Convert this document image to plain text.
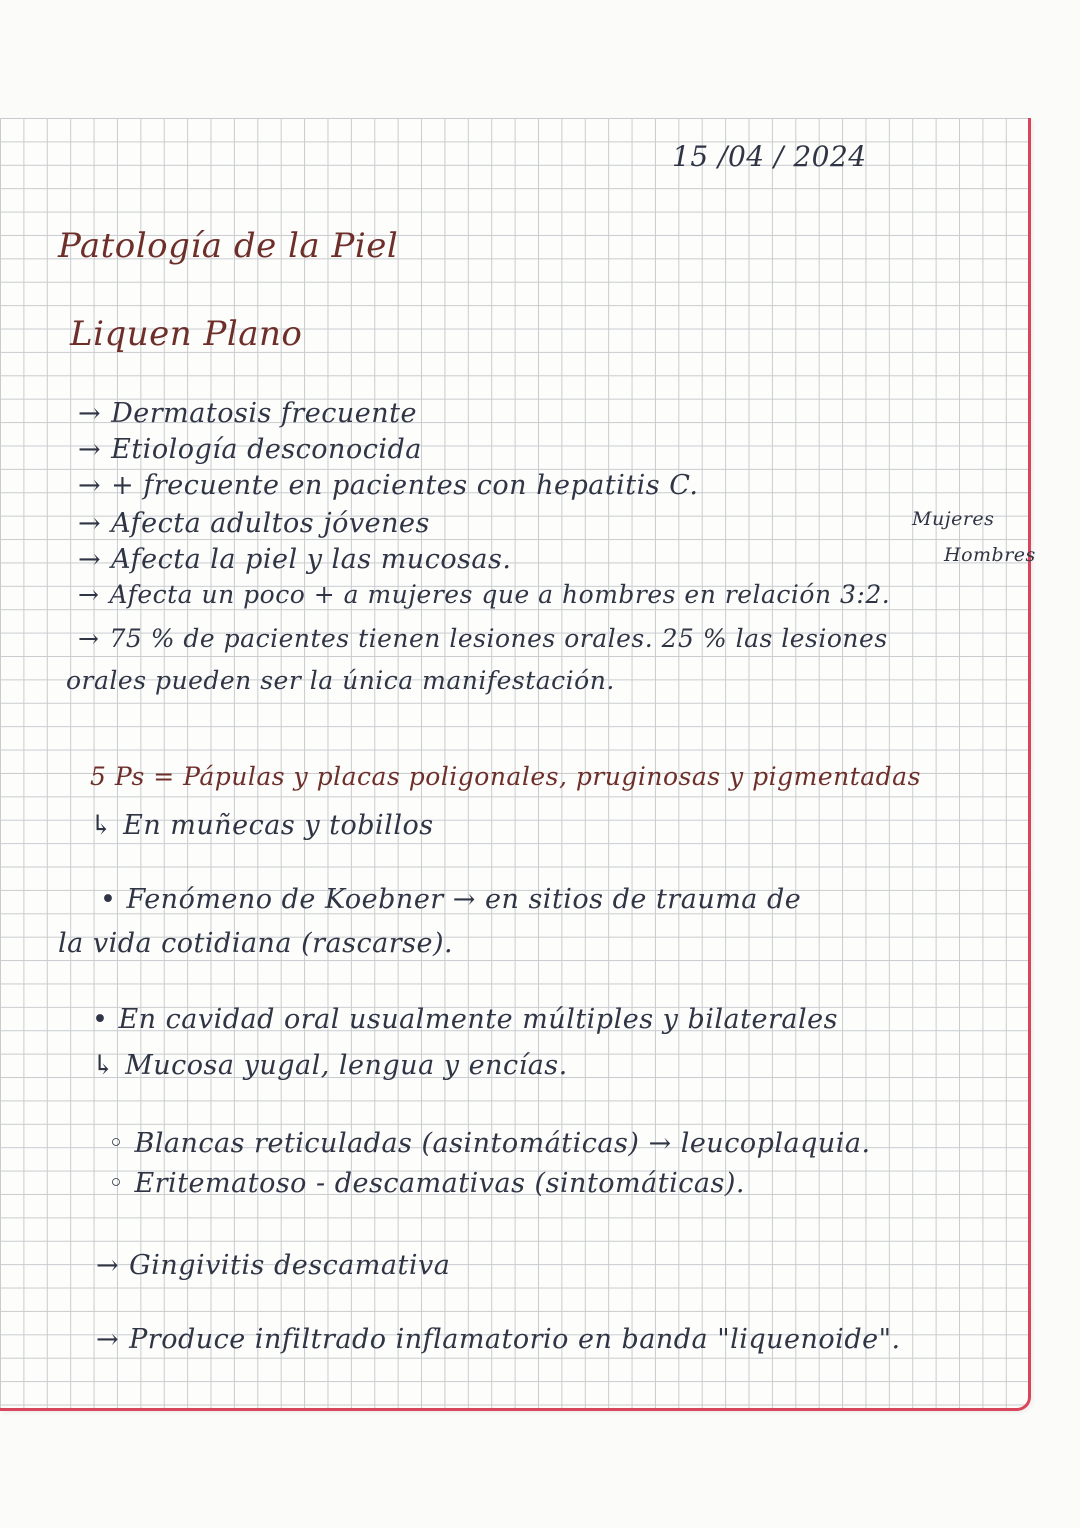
15 /04 / 2024
Patología de la Piel
Liquen Plano
Mujeres
Hombres
→ Dermatosis frecuente
→ Etiología desconocida
→ + frecuente en pacientes con hepatitis C.
→ Afecta adultos jóvenes
→ Afecta la piel y las mucosas.
→ Afecta un poco + a mujeres que a hombres en relación 3:2.
→ 75 % de pacientes tienen lesiones orales. 25 % las lesiones
orales pueden ser la única manifestación.
5 Ps = Pápulas y placas poligonales, pruginosas y pigmentadas
↳ En muñecas y tobillos
• Fenómeno de Koebner → en sitios de trauma de
la vida cotidiana (rascarse).
• En cavidad oral usualmente múltiples y bilaterales
↳ Mucosa yugal, lengua y encías.
◦ Blancas reticuladas (asintomáticas) → leucoplaquia.
◦ Eritematoso - descamativas (sintomáticas).
→ Gingivitis descamativa
→ Produce infiltrado inflamatorio en banda "liquenoide".
